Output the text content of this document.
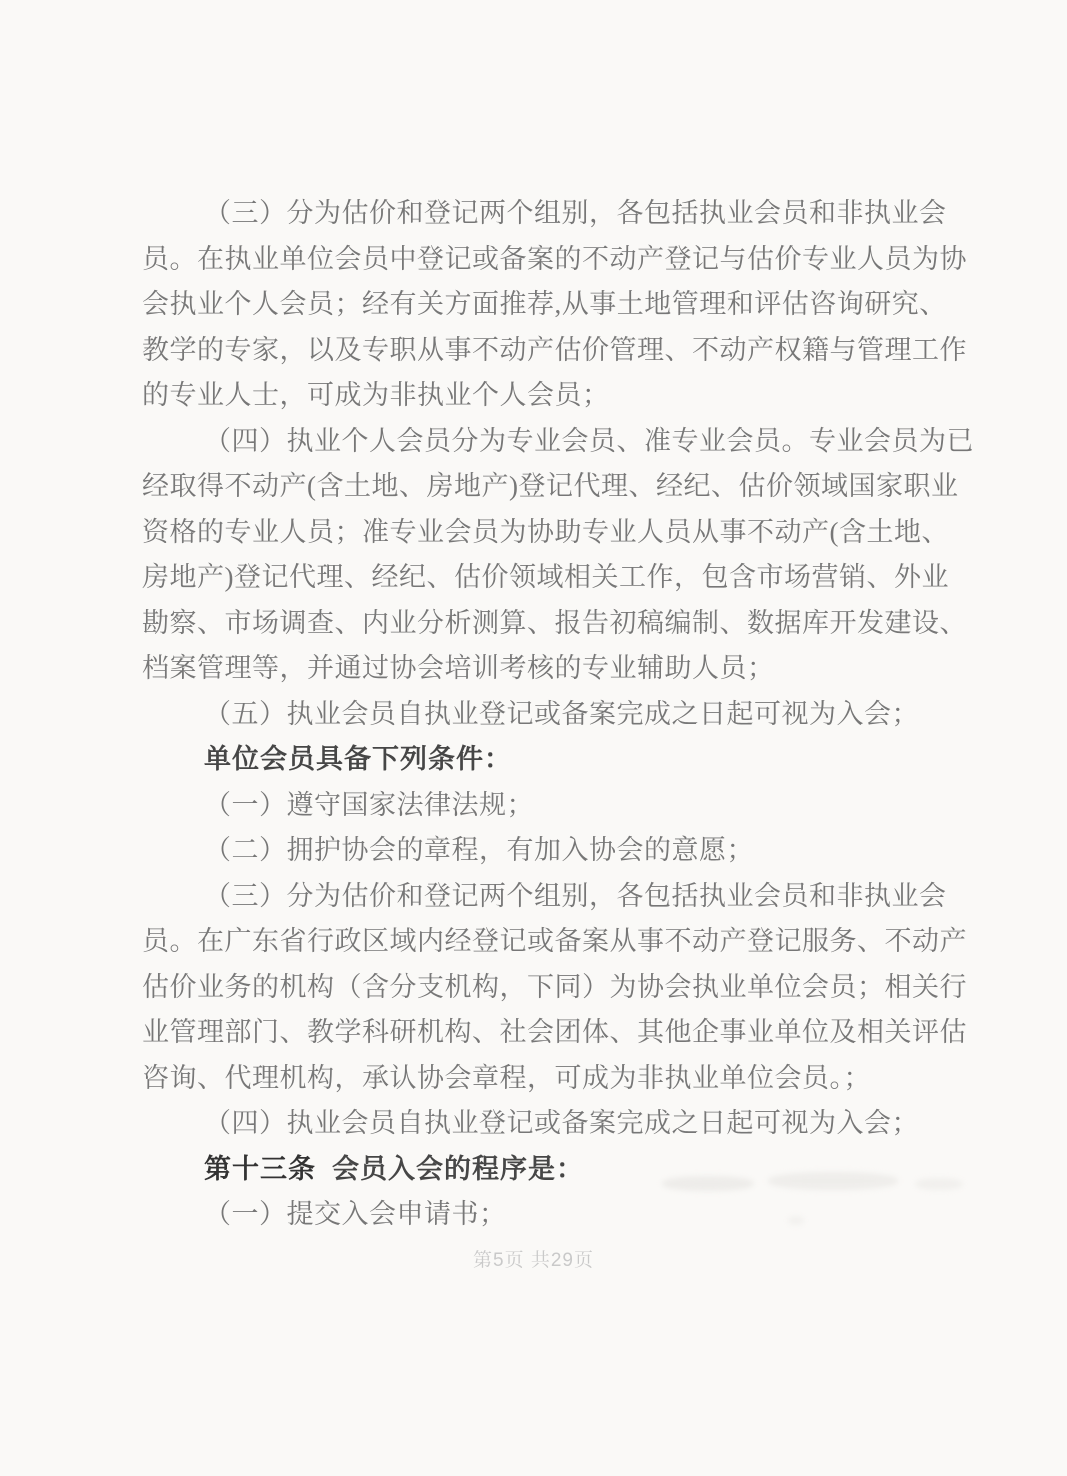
（三）分为估价和登记两个组别，各包括执业会员和非执业会
员。在执业单位会员中登记或备案的不动产登记与估价专业人员为协
会执业个人会员；经有关方面推荐,从事土地管理和评估咨询研究、
教学的专家，以及专职从事不动产估价管理、不动产权籍与管理工作
的专业人士，可成为非执业个人会员；
（四）执业个人会员分为专业会员、准专业会员。专业会员为已
经取得不动产(含土地、房地产)登记代理、经纪、估价领域国家职业
资格的专业人员；准专业会员为协助专业人员从事不动产(含土地、
房地产)登记代理、经纪、估价领域相关工作，包含市场营销、外业
勘察、市场调查、内业分析测算、报告初稿编制、数据库开发建设、
档案管理等，并通过协会培训考核的专业辅助人员；
（五）执业会员自执业登记或备案完成之日起可视为入会；
单位会员具备下列条件：
（一）遵守国家法律法规；
（二）拥护协会的章程，有加入协会的意愿；
（三）分为估价和登记两个组别，各包括执业会员和非执业会
员。在广东省行政区域内经登记或备案从事不动产登记服务、不动产
估价业务的机构（含分支机构，下同）为协会执业单位会员；相关行
业管理部门、教学科研机构、社会团体、其他企事业单位及相关评估
咨询、代理机构，承认协会章程，可成为非执业单位会员。；
（四）执业会员自执业登记或备案完成之日起可视为入会；
第十三条 会员入会的程序是：
（一）提交入会申请书；
第5页 共29页
